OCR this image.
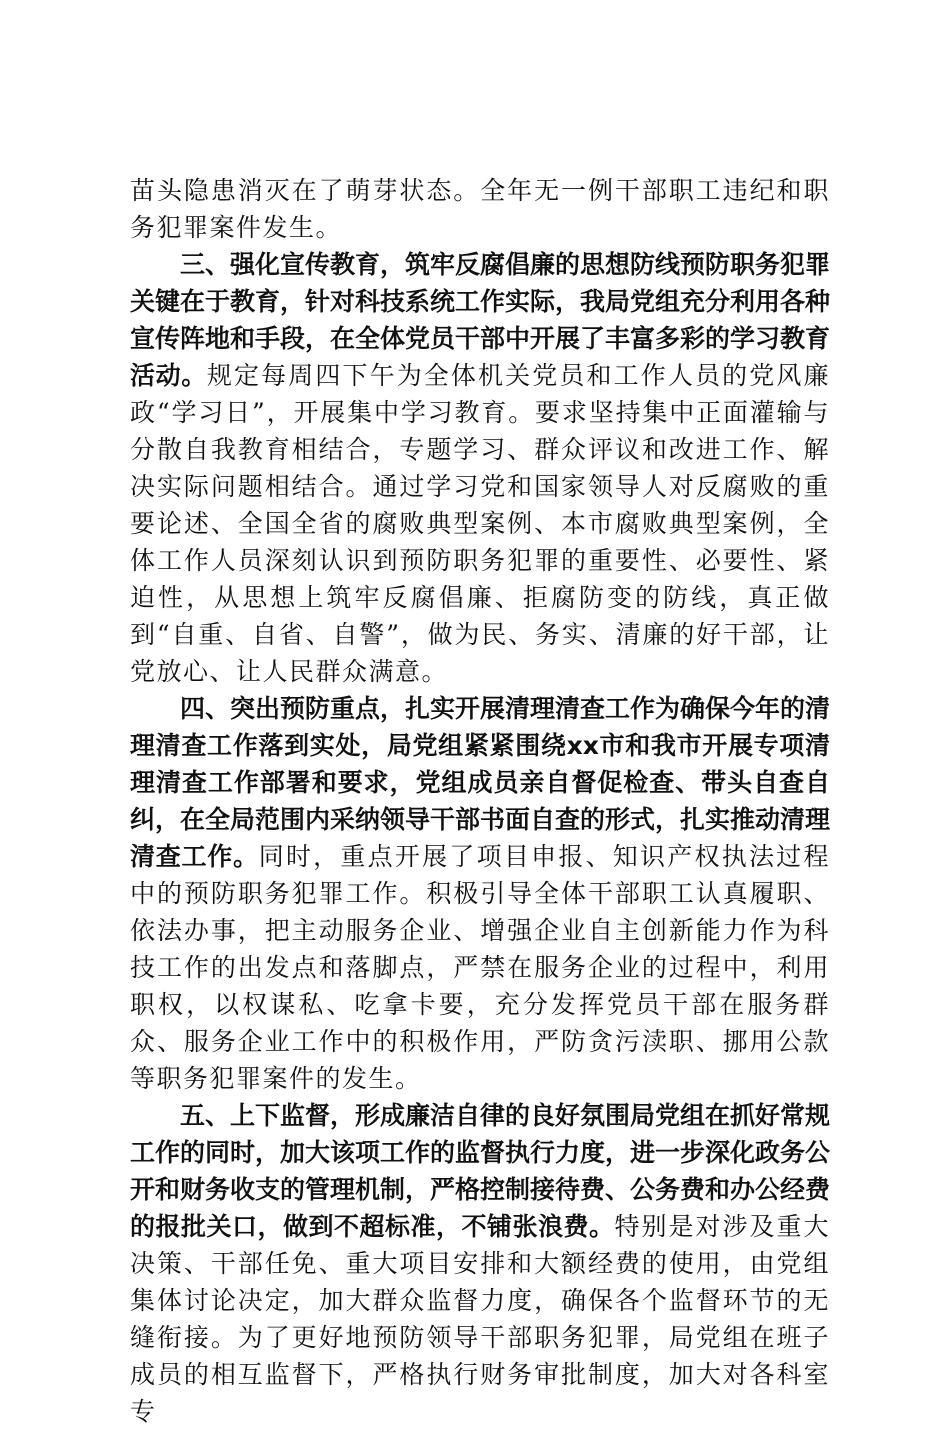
苗头隐患消灭在了萌芽状态。全年无一例干部职工违纪和职务犯罪案件发生。

三、强化宣传教育，筑牢反腐倡廉的思想防线预防职务犯罪关键在于教育，针对科技系统工作实际，我局党组充分利用各种宣传阵地和手段，在全体党员干部中开展了丰富多彩的学习教育活动。规定每周四下午为全体机关党员和工作人员的党风廉政“学习日”，开展集中学习教育。要求坚持集中正面灌输与分散自我教育相结合，专题学习、群众评议和改进工作、解决实际问题相结合。通过学习党和国家领导人对反腐败的重要论述、全国全省的腐败典型案例、本市腐败典型案例，全体工作人员深刻认识到预防职务犯罪的重要性、必要性、紧迫性，从思想上筑牢反腐倡廉、拒腐防变的防线，真正做到“自重、自省、自警”，做为民、务实、清廉的好干部，让党放心、让人民群众满意。

四、突出预防重点，扎实开展清理清查工作为确保今年的清理清查工作落到实处，局党组紧紧围绕xx市和我市开展专项清理清查工作部署和要求，党组成员亲自督促检查、带头自查自纠，在全局范围内采纳领导干部书面自查的形式，扎实推动清理清查工作。同时，重点开展了项目申报、知识产权执法过程中的预防职务犯罪工作。积极引导全体干部职工认真履职、依法办事，把主动服务企业、增强企业自主创新能力作为科技工作的出发点和落脚点，严禁在服务企业的过程中，利用职权，以权谋私、吃拿卡要，充分发挥党员干部在服务群众、服务企业工作中的积极作用，严防贪污渎职、挪用公款等职务犯罪案件的发生。

五、上下监督，形成廉洁自律的良好氛围局党组在抓好常规工作的同时，加大该项工作的监督执行力度，进一步深化政务公开和财务收支的管理机制，严格控制接待费、公务费和办公经费的报批关口，做到不超标准，不铺张浪费。特别是对涉及重大决策、干部任免、重大项目安排和大额经费的使用，由党组集体讨论决定，加大群众监督力度，确保各个监督环节的无缝衔接。为了更好地预防领导干部职务犯罪，局党组在班子成员的相互监督下，严格执行财务审批制度，加大对各科室专
